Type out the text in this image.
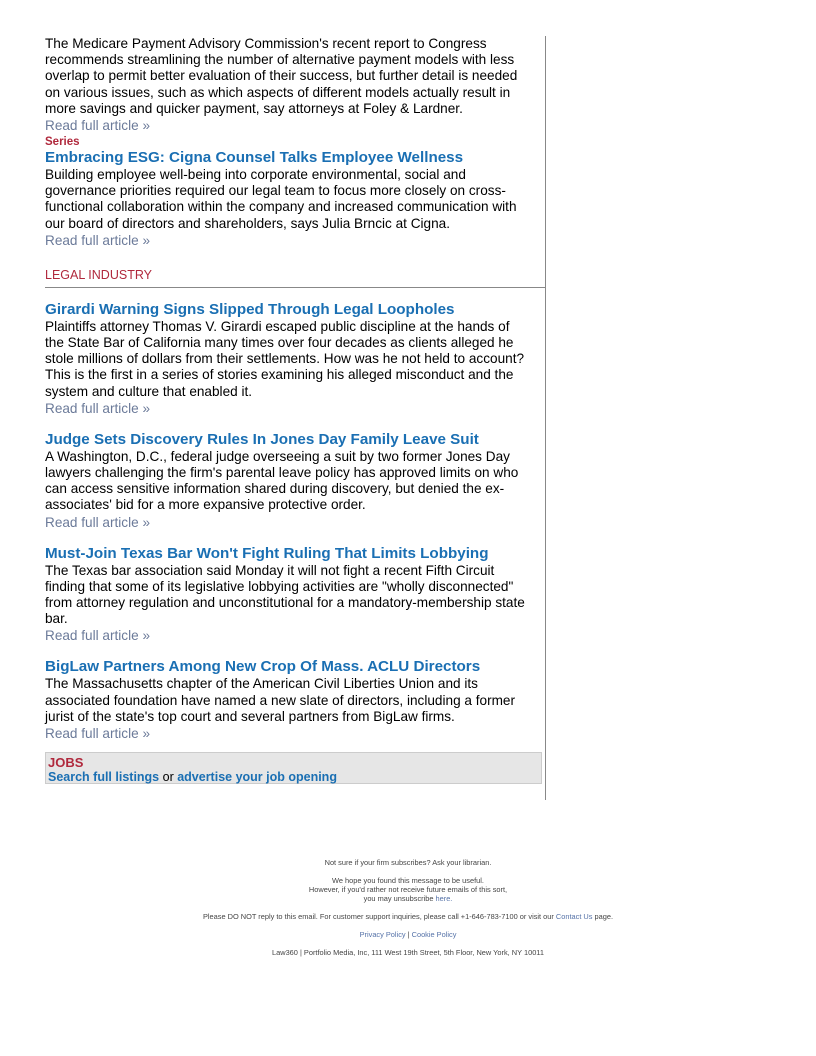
The Medicare Payment Advisory Commission's recent report to Congress recommends streamlining the number of alternative payment models with less overlap to permit better evaluation of their success, but further detail is needed on various issues, such as which aspects of different models actually result in more savings and quicker payment, say attorneys at Foley & Lardner.

Read full article »

Series

Embracing ESG: Cigna Counsel Talks Employee Wellness

Building employee well-being into corporate environmental, social and governance priorities required our legal team to focus more closely on cross-functional collaboration within the company and increased communication with our board of directors and shareholders, says Julia Brncic at Cigna.

Read full article »
LEGAL INDUSTRY
Girardi Warning Signs Slipped Through Legal Loopholes

Plaintiffs attorney Thomas V. Girardi escaped public discipline at the hands of the State Bar of California many times over four decades as clients alleged he stole millions of dollars from their settlements. How was he not held to account? This is the first in a series of stories examining his alleged misconduct and the system and culture that enabled it.

Read full article »
Judge Sets Discovery Rules In Jones Day Family Leave Suit

A Washington, D.C., federal judge overseeing a suit by two former Jones Day lawyers challenging the firm's parental leave policy has approved limits on who can access sensitive information shared during discovery, but denied the ex-associates' bid for a more expansive protective order.

Read full article »
Must-Join Texas Bar Won't Fight Ruling That Limits Lobbying

The Texas bar association said Monday it will not fight a recent Fifth Circuit finding that some of its legislative lobbying activities are "wholly disconnected" from attorney regulation and unconstitutional for a mandatory-membership state bar.

Read full article »
BigLaw Partners Among New Crop Of Mass. ACLU Directors

The Massachusetts chapter of the American Civil Liberties Union and its associated foundation have named a new slate of directors, including a former jurist of the state's top court and several partners from BigLaw firms.

Read full article »

JOBS

Search full listings or advertise your job opening

Not sure if your firm subscribes? Ask your librarian.

We hope you found this message to be useful.

However, if you'd rather not receive future emails of this sort,

you may unsubscribe here.

Please DO NOT reply to this email. For customer support inquiries, please call +1-646-783-7100 or visit our Contact Us page.

Privacy Policy | Cookie Policy

Law360 | Portfolio Media, Inc, 111 West 19th Street, 5th Floor, New York, NY 10011
